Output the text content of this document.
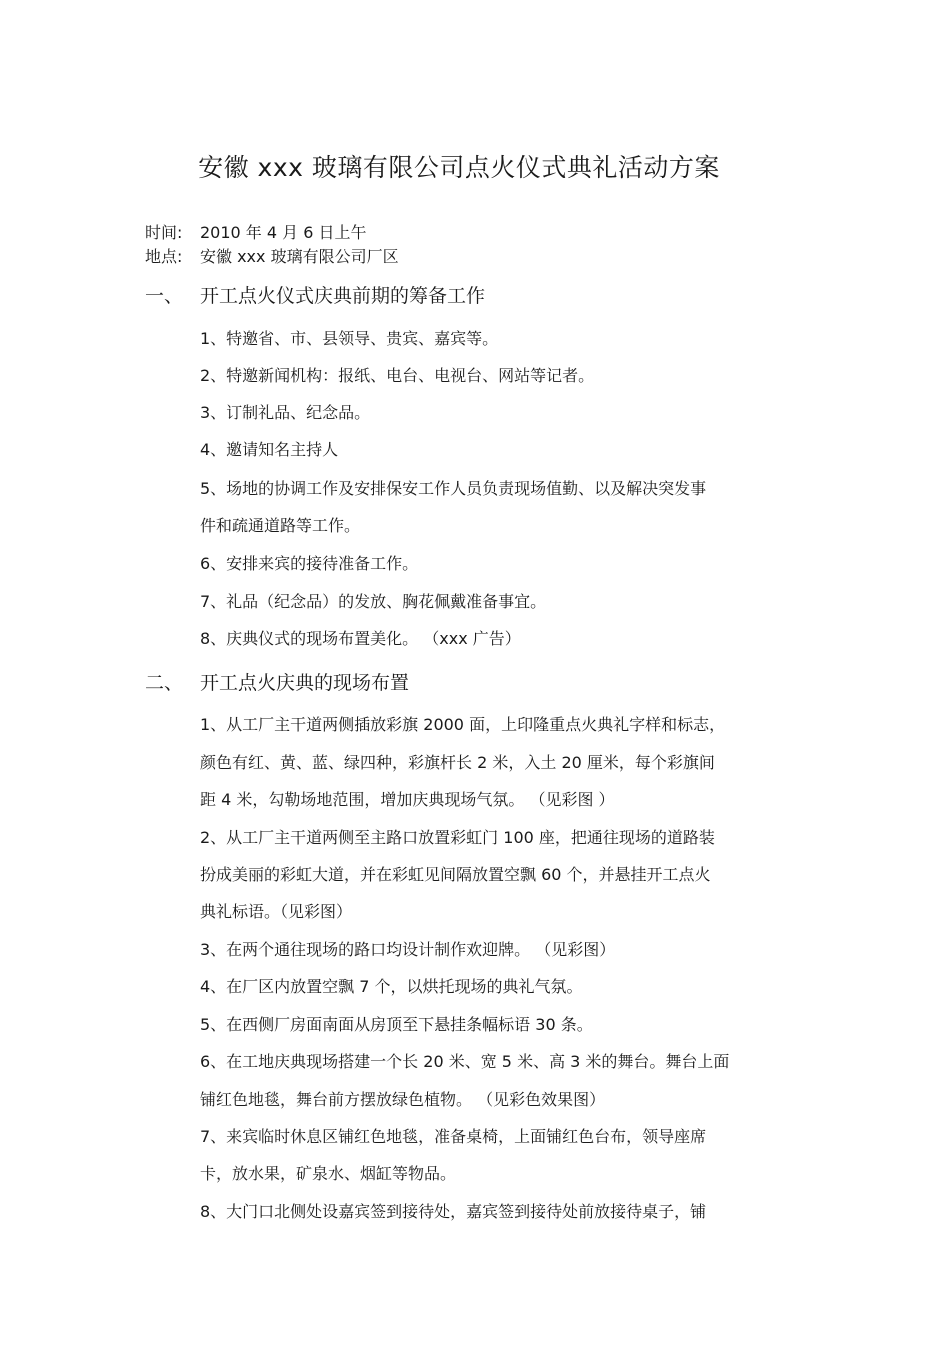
安徽 xxx 玻璃有限公司点火仪式典礼活动方案
时间: 2010 年 4 月 6 日上午
地点: 安徽 xxx 玻璃有限公司厂区
一、 开工点火仪式庆典前期的筹备工作
1、特邀省、市、县领导、贵宾、嘉宾等。
2、特邀新闻机构：报纸、电台、电视台、网站等记者。
3、订制礼品、纪念品。
4、邀请知名主持人
5、场地的协调工作及安排保安工作人员负责现场值勤、以及解决突发事
件和疏通道路等工作。
6、安排来宾的接待准备工作。
7、礼品（纪念品）的发放、胸花佩戴准备事宜。
8、庆典仪式的现场布置美化。 （xxx 广告）
二、 开工点火庆典的现场布置
1、从工厂主干道两侧插放彩旗 2000 面，上印隆重点火典礼字样和标志，
颜色有红、黄、蓝、绿四种，彩旗杆长 2 米，入土 20 厘米，每个彩旗间
距 4 米，勾勒场地范围，增加庆典现场气氛。 （见彩图 ）
2、从工厂主干道两侧至主路口放置彩虹门 100 座，把通往现场的道路装
扮成美丽的彩虹大道，并在彩虹见间隔放置空飘 60 个，并悬挂开工点火
典礼标语。（见彩图）
3、在两个通往现场的路口均设计制作欢迎牌。 （见彩图）
4、在厂区内放置空飘 7 个，以烘托现场的典礼气氛。
5、在西侧厂房面南面从房顶至下悬挂条幅标语 30 条。
6、在工地庆典现场搭建一个长 20 米、宽 5 米、高 3 米的舞台。舞台上面
铺红色地毯，舞台前方摆放绿色植物。 （见彩色效果图）
7、来宾临时休息区铺红色地毯，准备桌椅，上面铺红色台布，领导座席
卡，放水果，矿泉水、烟缸等物品。
8、大门口北侧处设嘉宾签到接待处，嘉宾签到接待处前放接待桌子，铺
